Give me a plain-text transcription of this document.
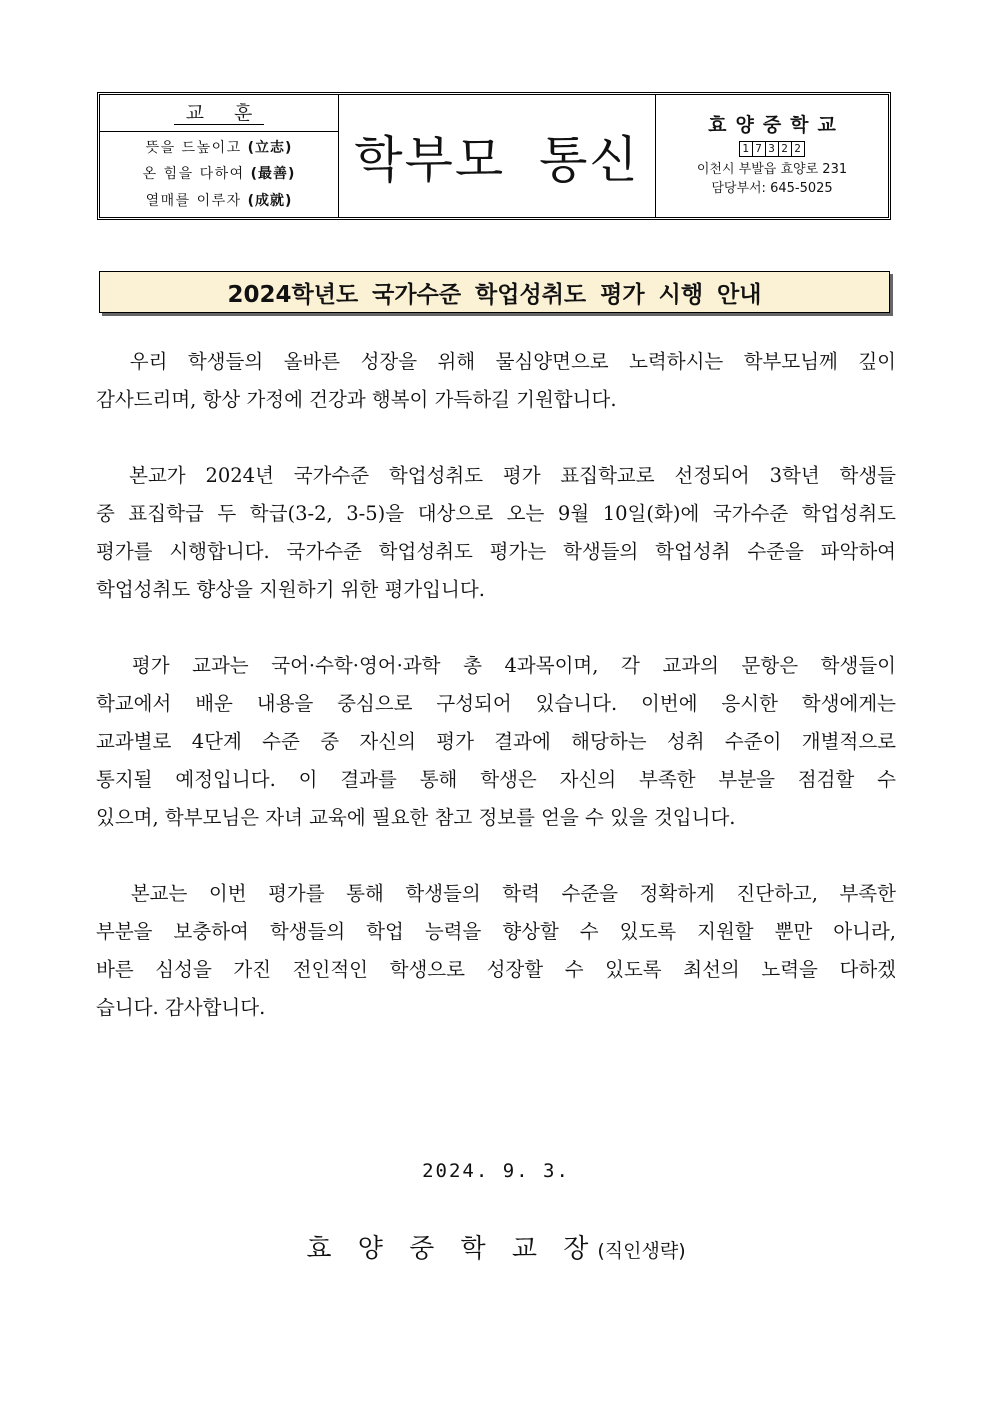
교 훈
뜻을 드높이고 (立志)
온 힘을 다하여 (最善)
열매를 이루자 (成就)
학부모 통신
효양중학교
1 7 3 2 2
이천시 부발읍 효양로 231
담당부서: 645-5025
2024학년도 국가수준 학업성취도 평가 시행 안내
　우리 학생들의 올바른 성장을 위해 물심양면으로 노력하시는 학부모님께 깊이
감사드리며, 항상 가정에 건강과 행복이 가득하길 기원합니다.
　본교가 2024년 국가수준 학업성취도 평가 표집학교로 선정되어 3학년 학생들
중 표집학급 두 학급(3-2, 3-5)을 대상으로 오는 9월 10일(화)에 국가수준 학업성취도
평가를 시행합니다. 국가수준 학업성취도 평가는 학생들의 학업성취 수준을 파악하여
학업성취도 향상을 지원하기 위한 평가입니다.
　평가 교과는 국어·수학·영어·과학 총 4과목이며, 각 교과의 문항은 학생들이
학교에서 배운 내용을 중심으로 구성되어 있습니다. 이번에 응시한 학생에게는
교과별로 4단계 수준 중 자신의 평가 결과에 해당하는 성취 수준이 개별적으로
통지될 예정입니다. 이 결과를 통해 학생은 자신의 부족한 부분을 점검할 수
있으며, 학부모님은 자녀 교육에 필요한 참고 정보를 얻을 수 있을 것입니다.
　본교는 이번 평가를 통해 학생들의 학력 수준을 정확하게 진단하고, 부족한
부분을 보충하여 학생들의 학업 능력을 향상할 수 있도록 지원할 뿐만 아니라,
바른 심성을 가진 전인적인 학생으로 성장할 수 있도록 최선의 노력을 다하겠
습니다. 감사합니다.
2024. 9. 3.
효 양 중 학 교 장(직인생략)
